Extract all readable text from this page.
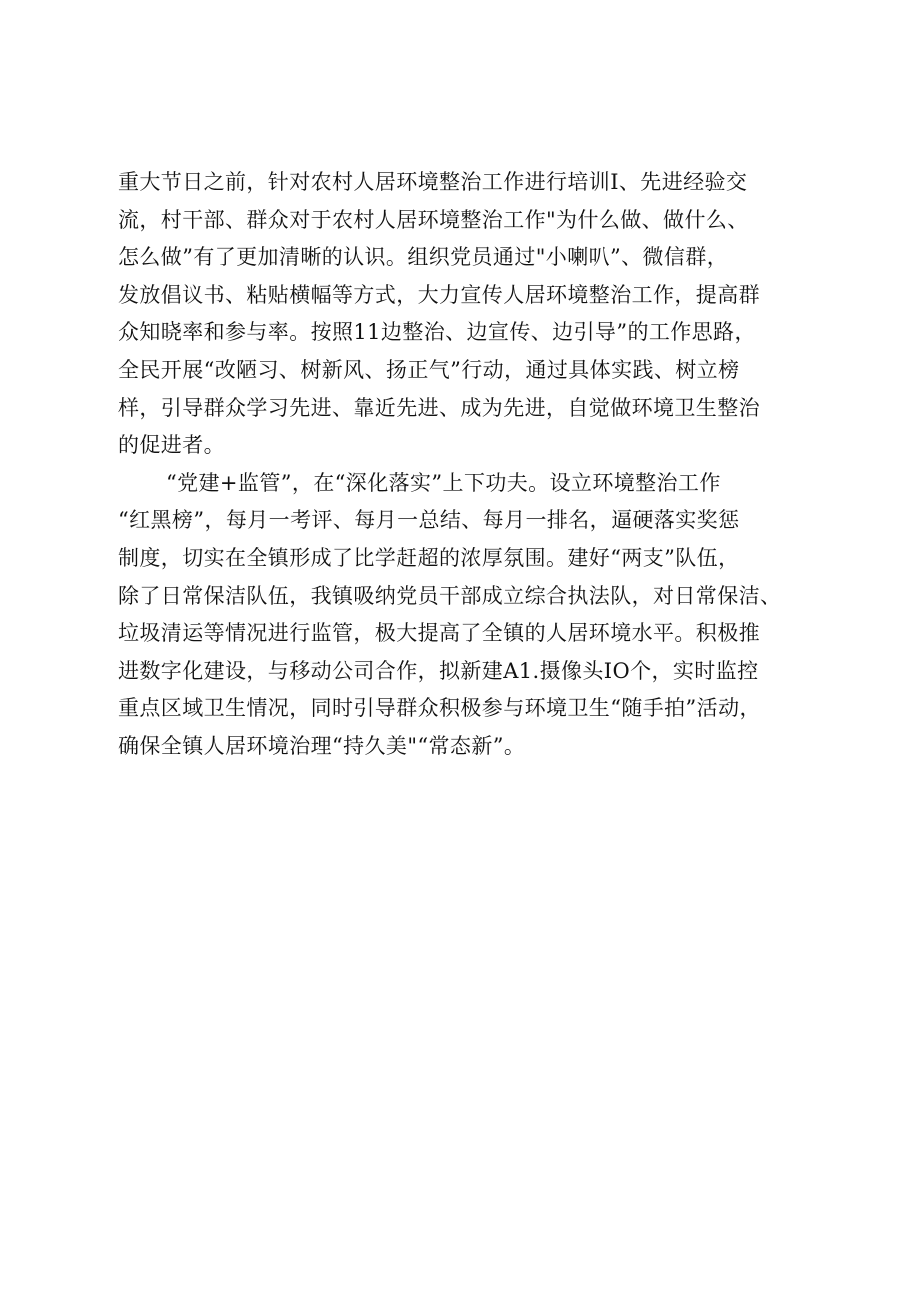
重大节日之前，针对农村人居环境整治工作进行培训I、先进经验交
流，村干部、群众对于农村人居环境整治工作"为什么做、做什么、
怎么做”有了更加清晰的认识。组织党员通过"小喇叭”、微信群，
发放倡议书、粘贴横幅等方式，大力宣传人居环境整治工作，提高群
众知晓率和参与率。按照11边整治、边宣传、边引导”的工作思路，
全民开展“改陋习、树新风、扬正气”行动，通过具体实践、树立榜
样，引导群众学习先进、靠近先进、成为先进，自觉做环境卫生整治
的促进者。
“党建+监管”，在“深化落实”上下功夫。设立环境整治工作
“红黑榜”，每月一考评、每月一总结、每月一排名，逼硬落实奖惩
制度，切实在全镇形成了比学赶超的浓厚氛围。建好“两支”队伍，
除了日常保洁队伍，我镇吸纳党员干部成立综合执法队，对日常保洁、
垃圾清运等情况进行监管，极大提高了全镇的人居环境水平。积极推
进数字化建设，与移动公司合作，拟新建A1.摄像头IO个，实时监控
重点区域卫生情况，同时引导群众积极参与环境卫生“随手拍”活动，
确保全镇人居环境治理“持久美"“常态新”。
